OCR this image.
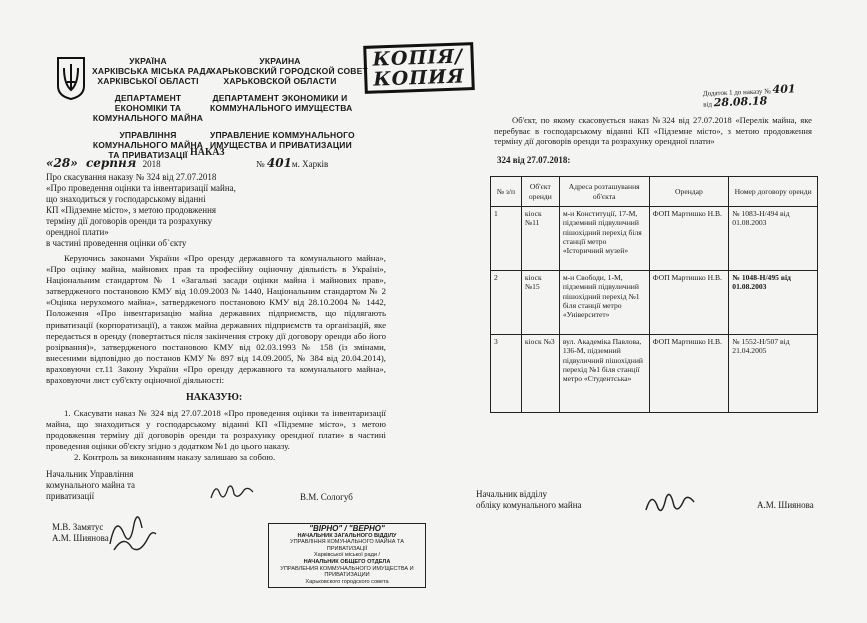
УКРАЇНА
ХАРКІВСЬКА МІСЬКА РАДА
ХАРКІВСЬКОЇ ОБЛАСТІ
ДЕПАРТАМЕНТ
ЕКОНОМІКИ ТА
КОМУНАЛЬНОГО МАЙНА
УПРАВЛІННЯ
КОМУНАЛЬНОГО МАЙНА
ТА ПРИВАТИЗАЦІЇ
УКРАИНА
ХАРЬКОВСКИЙ ГОРОДСКОЙ СОВЕТ
ХАРЬКОВСКОЙ ОБЛАСТИ
ДЕПАРТАМЕНТ ЭКОНОМИКИ И
КОММУНАЛЬНОГО ИМУЩЕСТВА
УПРАВЛЕНИЕ КОММУНАЛЬНОГО
ИМУЩЕСТВА И ПРИВАТИЗАЦИИ
КОПІЯ/
КОПИЯ
НАКАЗ
«28» серпня 2018	№ 401м. Харків
Про скасування наказу № 324 від 27.07.2018
«Про проведення оцінки та інвентаризації майна,
що знаходиться у господарському віданні
КП «Підземне місто», з метою продовження
терміну дії договорів оренди та розрахунку
орендної плати»
в частині проведення оцінки об`єкту

Керуючись законами України «Про оренду державного та комунального майна», «Про оцінку майна, майнових прав та професійну оціночну діяльність в Україні», Національним стандартом № 1 «Загальні засади оцінки майна і майнових прав», затвердженого постановою КМУ від 10.09.2003 № 1440, Національним стандартом № 2 «Оцінка нерухомого майна», затвердженого постановою КМУ від 28.10.2004 № 1442, Положення «Про інвентаризацію майна державних підприємств, що підлягають приватизації (корпоратизації), а також майна державних підприємств та організацій, яке передається в оренду (повертається після закінчення строку дії договору оренди або його розірвання)», затвердженого постановою КМУ від 02.03.1993 № 158 (із змінами, внесеними відповідно до постанов КМУ № 897 від 14.09.2005, № 384 від 20.04.2014), враховуючи ст.11 Закону України «Про оренду державного та комунального майна», враховуючи лист суб'єкту оціночної діяльності:

НАКАЗУЮ:

1. Скасувати наказ № 324 від 27.07.2018 «Про проведення оцінки та інвентаризації майна, що знаходиться у господарському віданні КП «Підземне місто», з метою продовження терміну дії договорів оренди та розрахунку орендної плати» в частині проведення оцінки об'єкту згідно з додатком №1 до цього наказу.

2. Контроль за виконанням наказу залишаю за собою.

Начальник Управління
комунального майна та
приватизації	В.М. Сологуб
М.В. Замятус
А.М. Шиянова
"ВІРНО" / "ВЕРНО"
НАЧАЛЬНИК ЗАГАЛЬНОГО ВІДДІЛУ
УПРАВЛІННЯ КОМУНАЛЬНОГО МАЙНА ТА ПРИВАТИЗАЦІЇ
Харківської міської ради /
НАЧАЛЬНИК ОБЩЕГО ОТДЕЛА
УПРАВЛЕНИЯ КОММУНАЛЬНОГО ИМУЩЕСТВА И ПРИВАТИЗАЦИИ
Харьковского городского совета
Додаток 1 до наказу № 401
від 28.08.18

Об'єкт, по якому скасовується наказ №324 від 27.07.2018 «Перелік майна, яке перебуває в господарському віданні КП «Підземне місто», з метою продовження терміну дії договорів оренди та розрахунку орендної плати»

324 від 27.07.2018:
№ з/п	Об'єкт оренди	Адреса розташування об'єкта	Орендар	Номер договору оренди
1	кіоск №11	м-н Конституції, 17-М, підземний підвуличний пішохідний перехід біля станції метро «Історичний музей»	ФОП Мартишко Н.В.	№ 1083-Н/494 від 01.08.2003
2	кіоск №15	м-н Свободи, 1-М, підземний підвуличний пішохідний перехід №1 біля станції метро «Університет»	ФОП Мартишко Н.В.	№ 1048-Н/495 від 01.08.2003
3	кіоск №3	вул. Академіка Павлова, 136-М, підземний підвуличний пішохідний перехід №1 біля станції метро «Студентська»	ФОП Мартишко Н.В.	№ 1552-Н/507 від 21.04.2005
Начальник відділу
обліку комунального майна	А.М. Шиянова
